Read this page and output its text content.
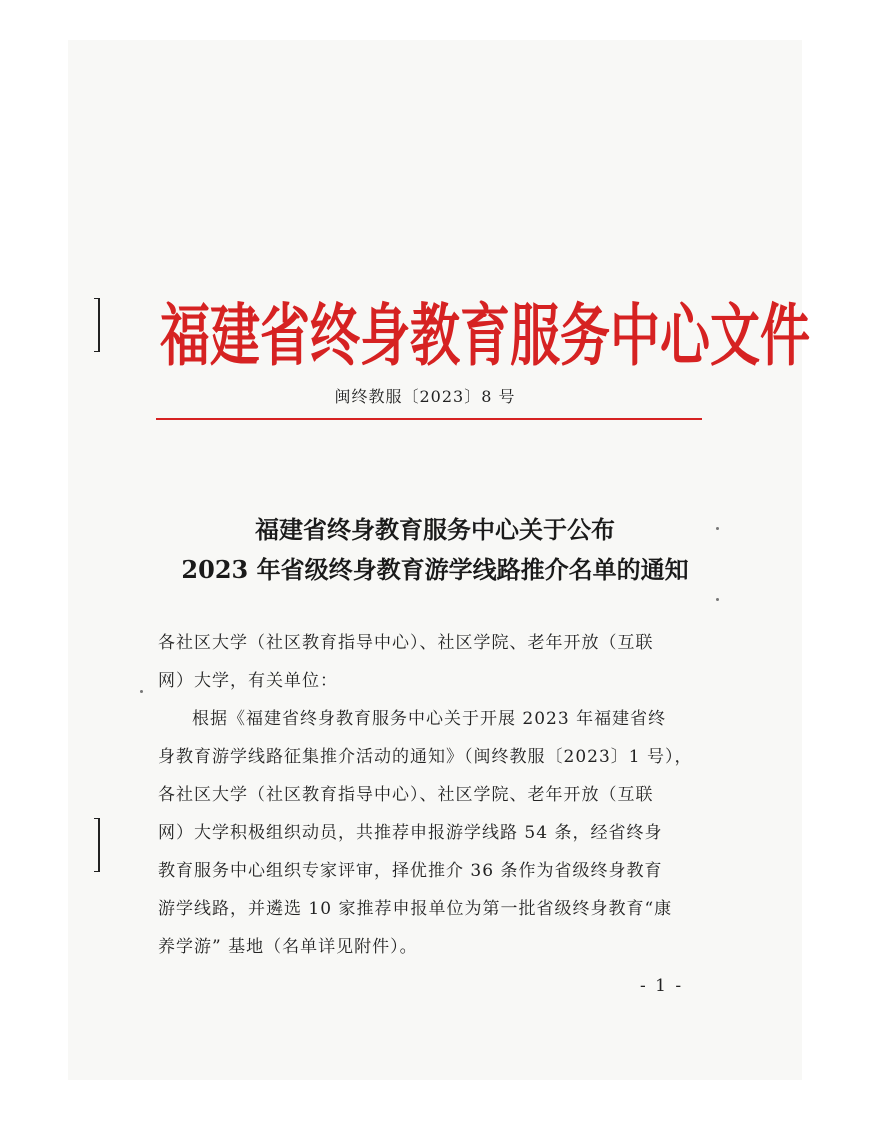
福建省终身教育服务中心文件
闽终教服〔2023〕8 号
福建省终身教育服务中心关于公布
2023 年省级终身教育游学线路推介名单的通知
各社区大学（社区教育指导中心）、社区学院、老年开放（互联
网）大学，有关单位：
根据《福建省终身教育服务中心关于开展 2023 年福建省终
身教育游学线路征集推介活动的通知》（闽终教服〔2023〕1 号），
各社区大学（社区教育指导中心）、社区学院、老年开放（互联
网）大学积极组织动员，共推荐申报游学线路 54 条，经省终身
教育服务中心组织专家评审，择优推介 36 条作为省级终身教育
游学线路，并遴选 10 家推荐申报单位为第一批省级终身教育“康
养学游” 基地（名单详见附件）。
- 1 -
